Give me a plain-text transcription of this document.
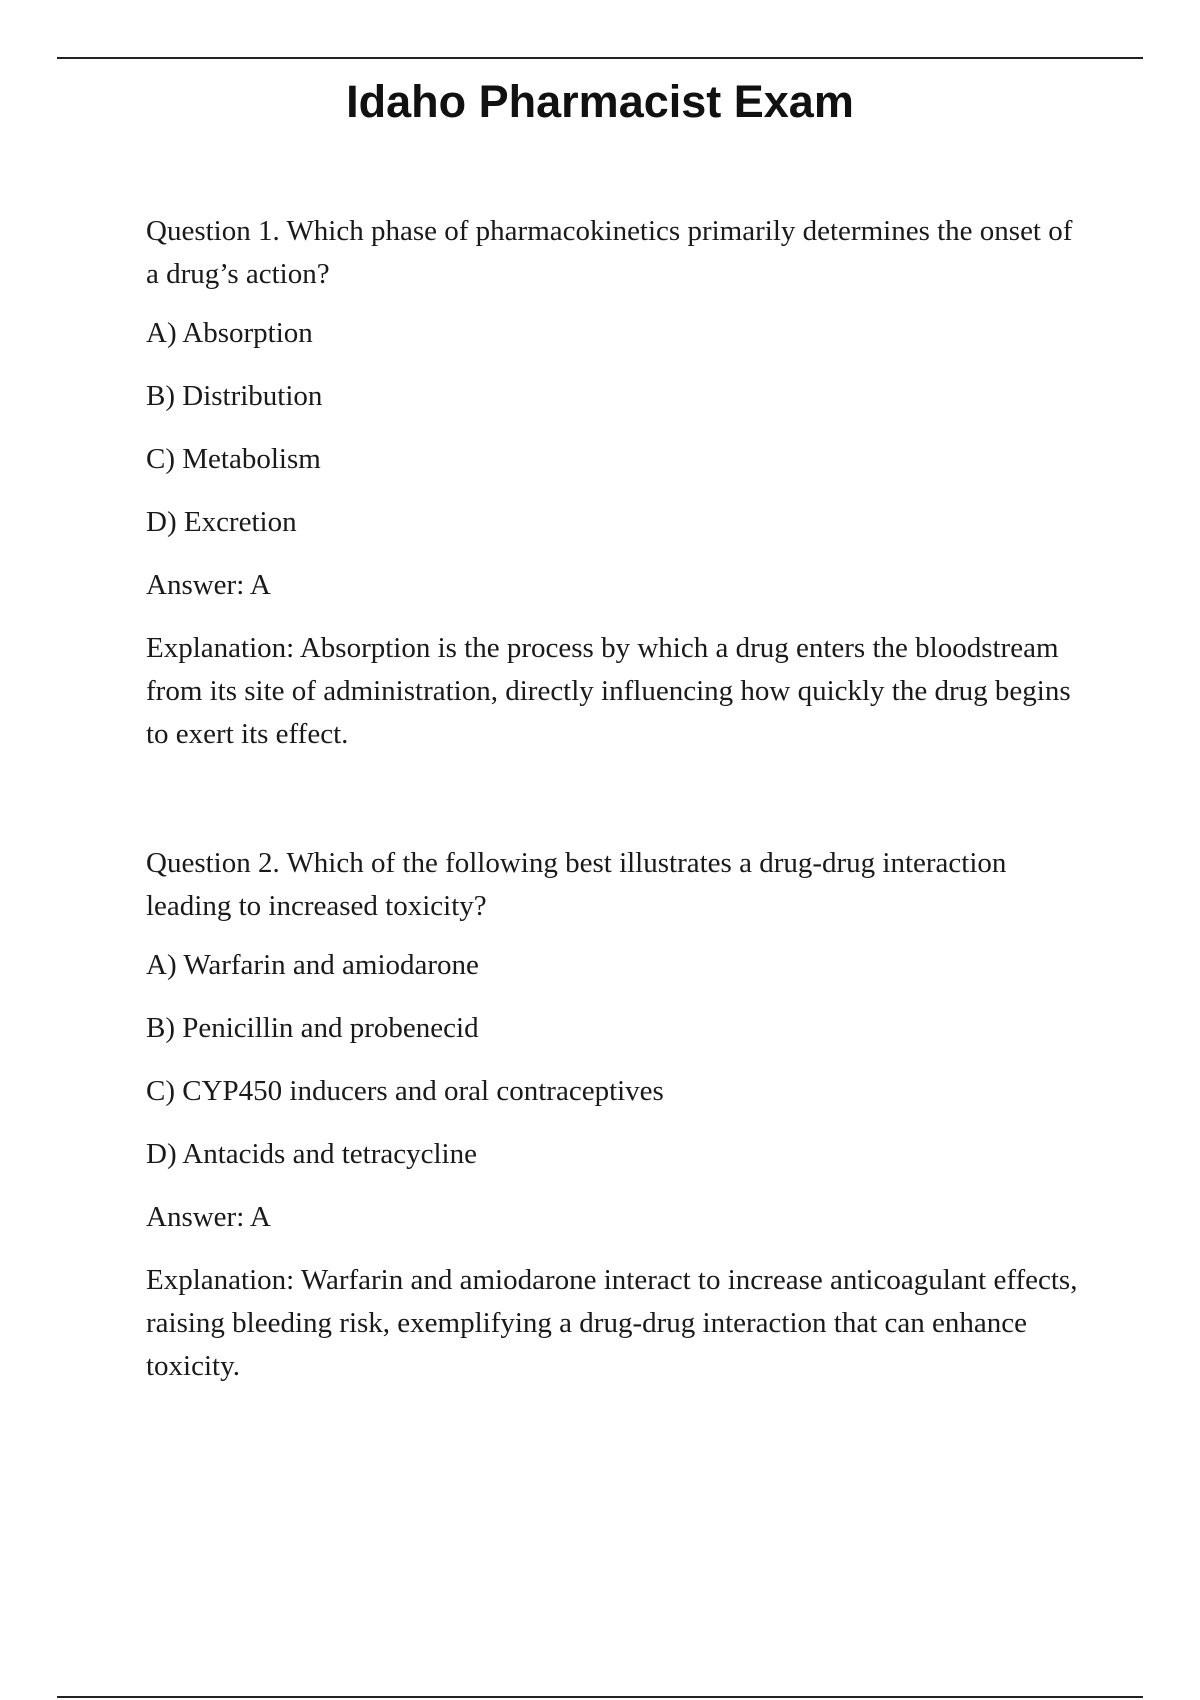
Idaho Pharmacist Exam

Question 1. Which phase of pharmacokinetics primarily determines the onset of a drug’s action?

A) Absorption
B) Distribution
C) Metabolism
D) Excretion

Answer: A

Explanation: Absorption is the process by which a drug enters the bloodstream from its site of administration, directly influencing how quickly the drug begins to exert its effect.

Question 2. Which of the following best illustrates a drug-drug interaction leading to increased toxicity?

A) Warfarin and amiodarone
B) Penicillin and probenecid
C) CYP450 inducers and oral contraceptives
D) Antacids and tetracycline

Answer: A

Explanation: Warfarin and amiodarone interact to increase anticoagulant effects, raising bleeding risk, exemplifying a drug-drug interaction that can enhance toxicity.
